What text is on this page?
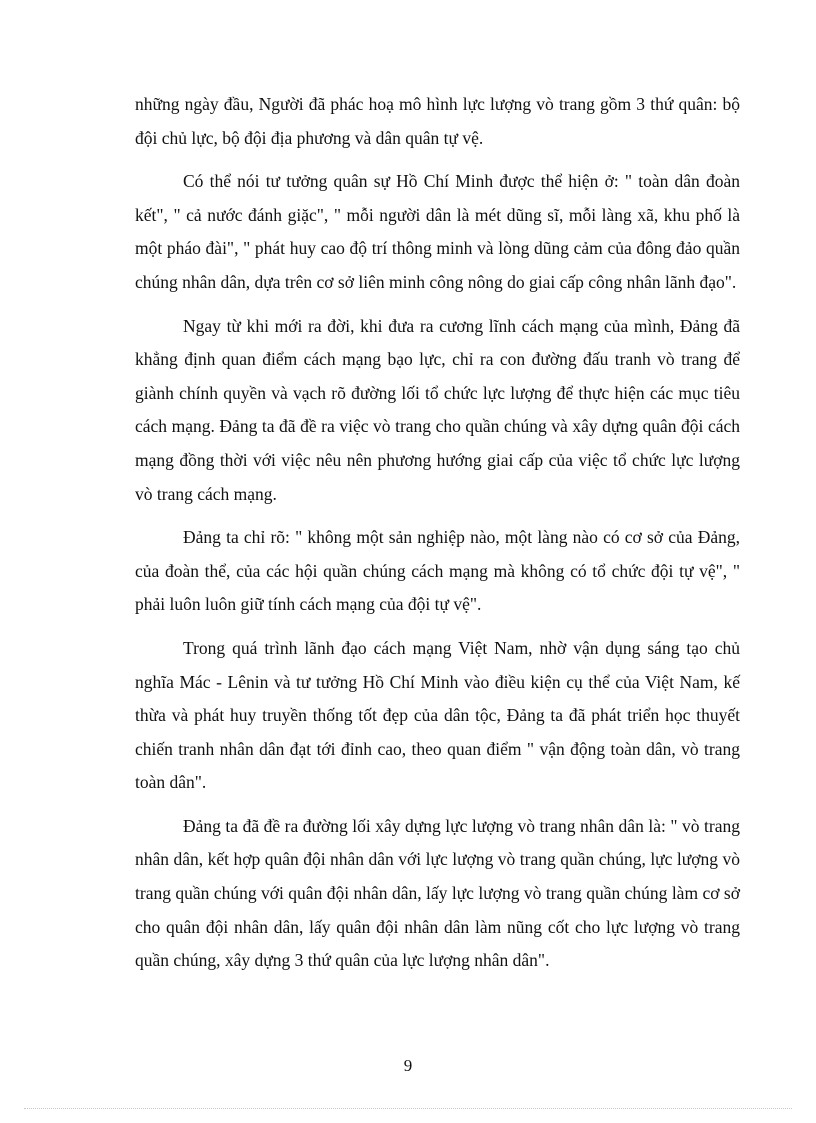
những ngày đầu, Người đã phác hoạ mô hình lực lượng vò trang gồm 3 thứ quân: bộ đội chủ lực, bộ đội địa phương và dân quân tự vệ.

Có thể nói tư tưởng quân sự Hồ Chí Minh được thể hiện ở: " toàn dân đoàn kết", " cả nước đánh giặc", " mỗi người dân là mét dũng sĩ, mỗi làng xã, khu phố là một pháo đài", " phát huy cao độ trí thông minh và lòng dũng cảm của đông đảo quần chúng nhân dân, dựa trên cơ sở liên minh công nông do giai cấp công nhân lãnh đạo".

Ngay từ khi mới ra đời, khi đưa ra cương lĩnh cách mạng của mình, Đảng đã khẳng định quan điểm cách mạng bạo lực, chỉ ra con đường đấu tranh vò trang để giành chính quyền và vạch rõ đường lối tổ chức lực lượng để thực hiện các mục tiêu cách mạng. Đảng ta đã đề ra việc vò trang cho quần chúng và xây dựng quân đội cách mạng đồng thời với việc nêu nên phương hướng giai cấp của việc tổ chức lực lượng vò trang cách mạng.

Đảng ta chỉ rõ: " không một sản nghiệp nào, một làng nào có cơ sở của Đảng, của đoàn thể, của các hội quần chúng cách mạng mà không có tổ chức đội tự vệ", " phải luôn luôn giữ tính cách mạng của đội tự vệ".

Trong quá trình lãnh đạo cách mạng Việt Nam, nhờ vận dụng sáng tạo chủ nghĩa Mác - Lênin và tư tưởng Hồ Chí Minh vào điều kiện cụ thể của Việt Nam, kế thừa và phát huy truyền thống tốt đẹp của dân tộc, Đảng ta đã phát triển học thuyết chiến tranh nhân dân đạt tới đỉnh cao, theo quan điểm " vận động toàn dân, vò trang toàn dân".

Đảng ta đã đề ra đường lối xây dựng lực lượng vò trang nhân dân là: " vò trang nhân dân, kết hợp quân đội nhân dân với lực lượng vò trang quần chúng, lực lượng vò trang quần chúng với quân đội nhân dân, lấy lực lượng vò trang quần chúng làm cơ sở cho quân đội nhân dân, lấy quân đội nhân dân làm nũng cốt cho lực lượng vò trang quần chúng, xây dựng 3 thứ quân của lực lượng nhân dân".

9
